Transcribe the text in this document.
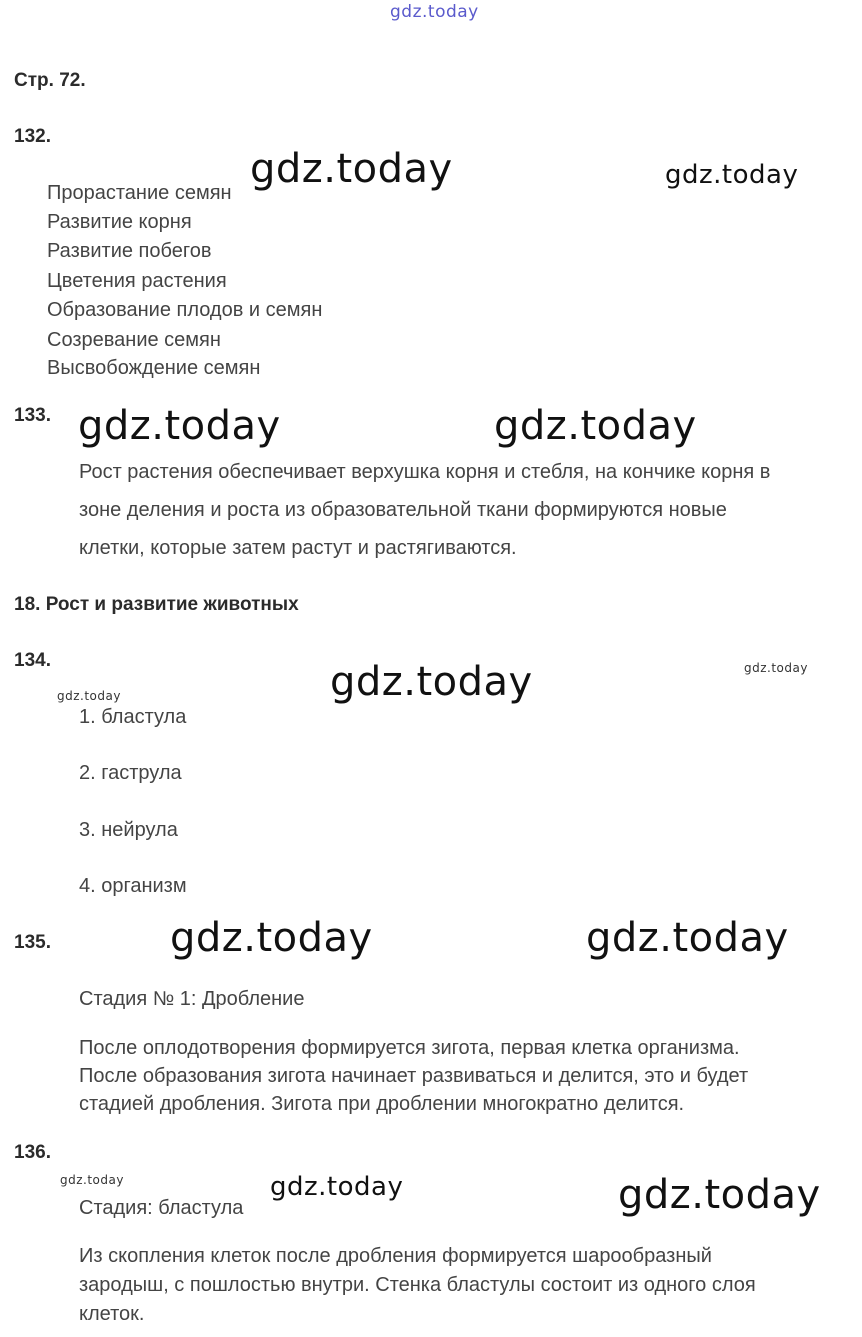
gdz.today
Стр. 72.
132.
gdz.today	gdz.today
Прорастание семян
Развитие корня
Развитие побегов
Цветения растения
Образование плодов и семян
Созревание семян
Высвобождение семян
133. gdz.today	gdz.today
Рост растения обеспечивает верхушка корня и стебля, на кончике корня в
зоне деления и роста из образовательной ткани формируются новые
клетки, которые затем растут и растягиваются.
18. Рост и развитие животных
134.	gdz.today	gdz.today
gdz.today
1. бластула
2. гаструла
3. нейрула
4. организм
135.	gdz.today	gdz.today
Стадия № 1: Дробление
После оплодотворения формируется зигота, первая клетка организма.
После образования зигота начинает развиваться и делится, это и будет
стадией дробления. Зигота при дроблении многократно делится.
136.
gdz.today	gdz.today	gdz.today
Стадия: бластула
Из скопления клеток после дробления формируется шарообразный
зародыш, с пошлостью внутри. Стенка бластулы состоит из одного слоя
клеток.
